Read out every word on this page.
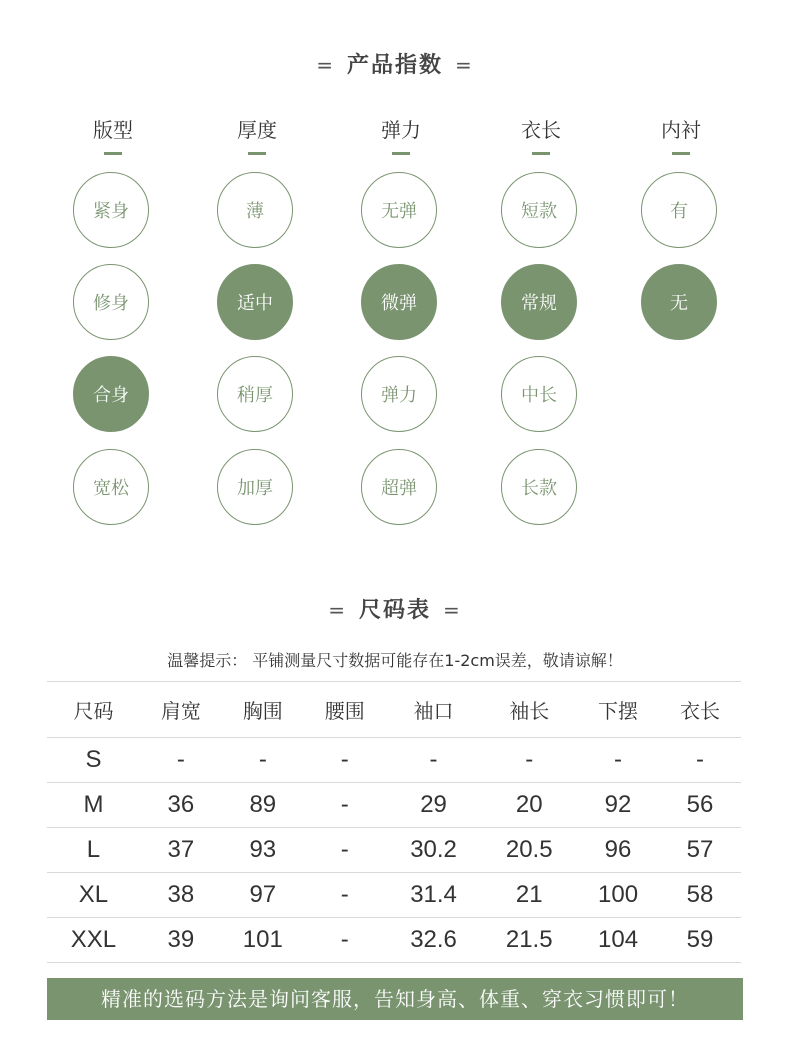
= 产品指数 =
版型
紧身
修身
合身
宽松
厚度
薄
适中
稍厚
加厚
弹力
无弹
微弹
弹力
超弹
衣长
短款
常规
中长
长款
内衬
有
无
= 尺码表 =
温馨提示： 平铺测量尺寸数据可能存在1-2cm误差，敬请谅解！
尺码	肩宽	胸围	腰围	袖口	袖长	下摆	衣长
S	-	-	-	-	-	-	-
M	36	89	-	29	20	92	56
L	37	93	-	30.2	20.5	96	57
XL	38	97	-	31.4	21	100	58
XXL	39	101	-	32.6	21.5	104	59
精准的选码方法是询问客服，告知身高、体重、穿衣习惯即可！
